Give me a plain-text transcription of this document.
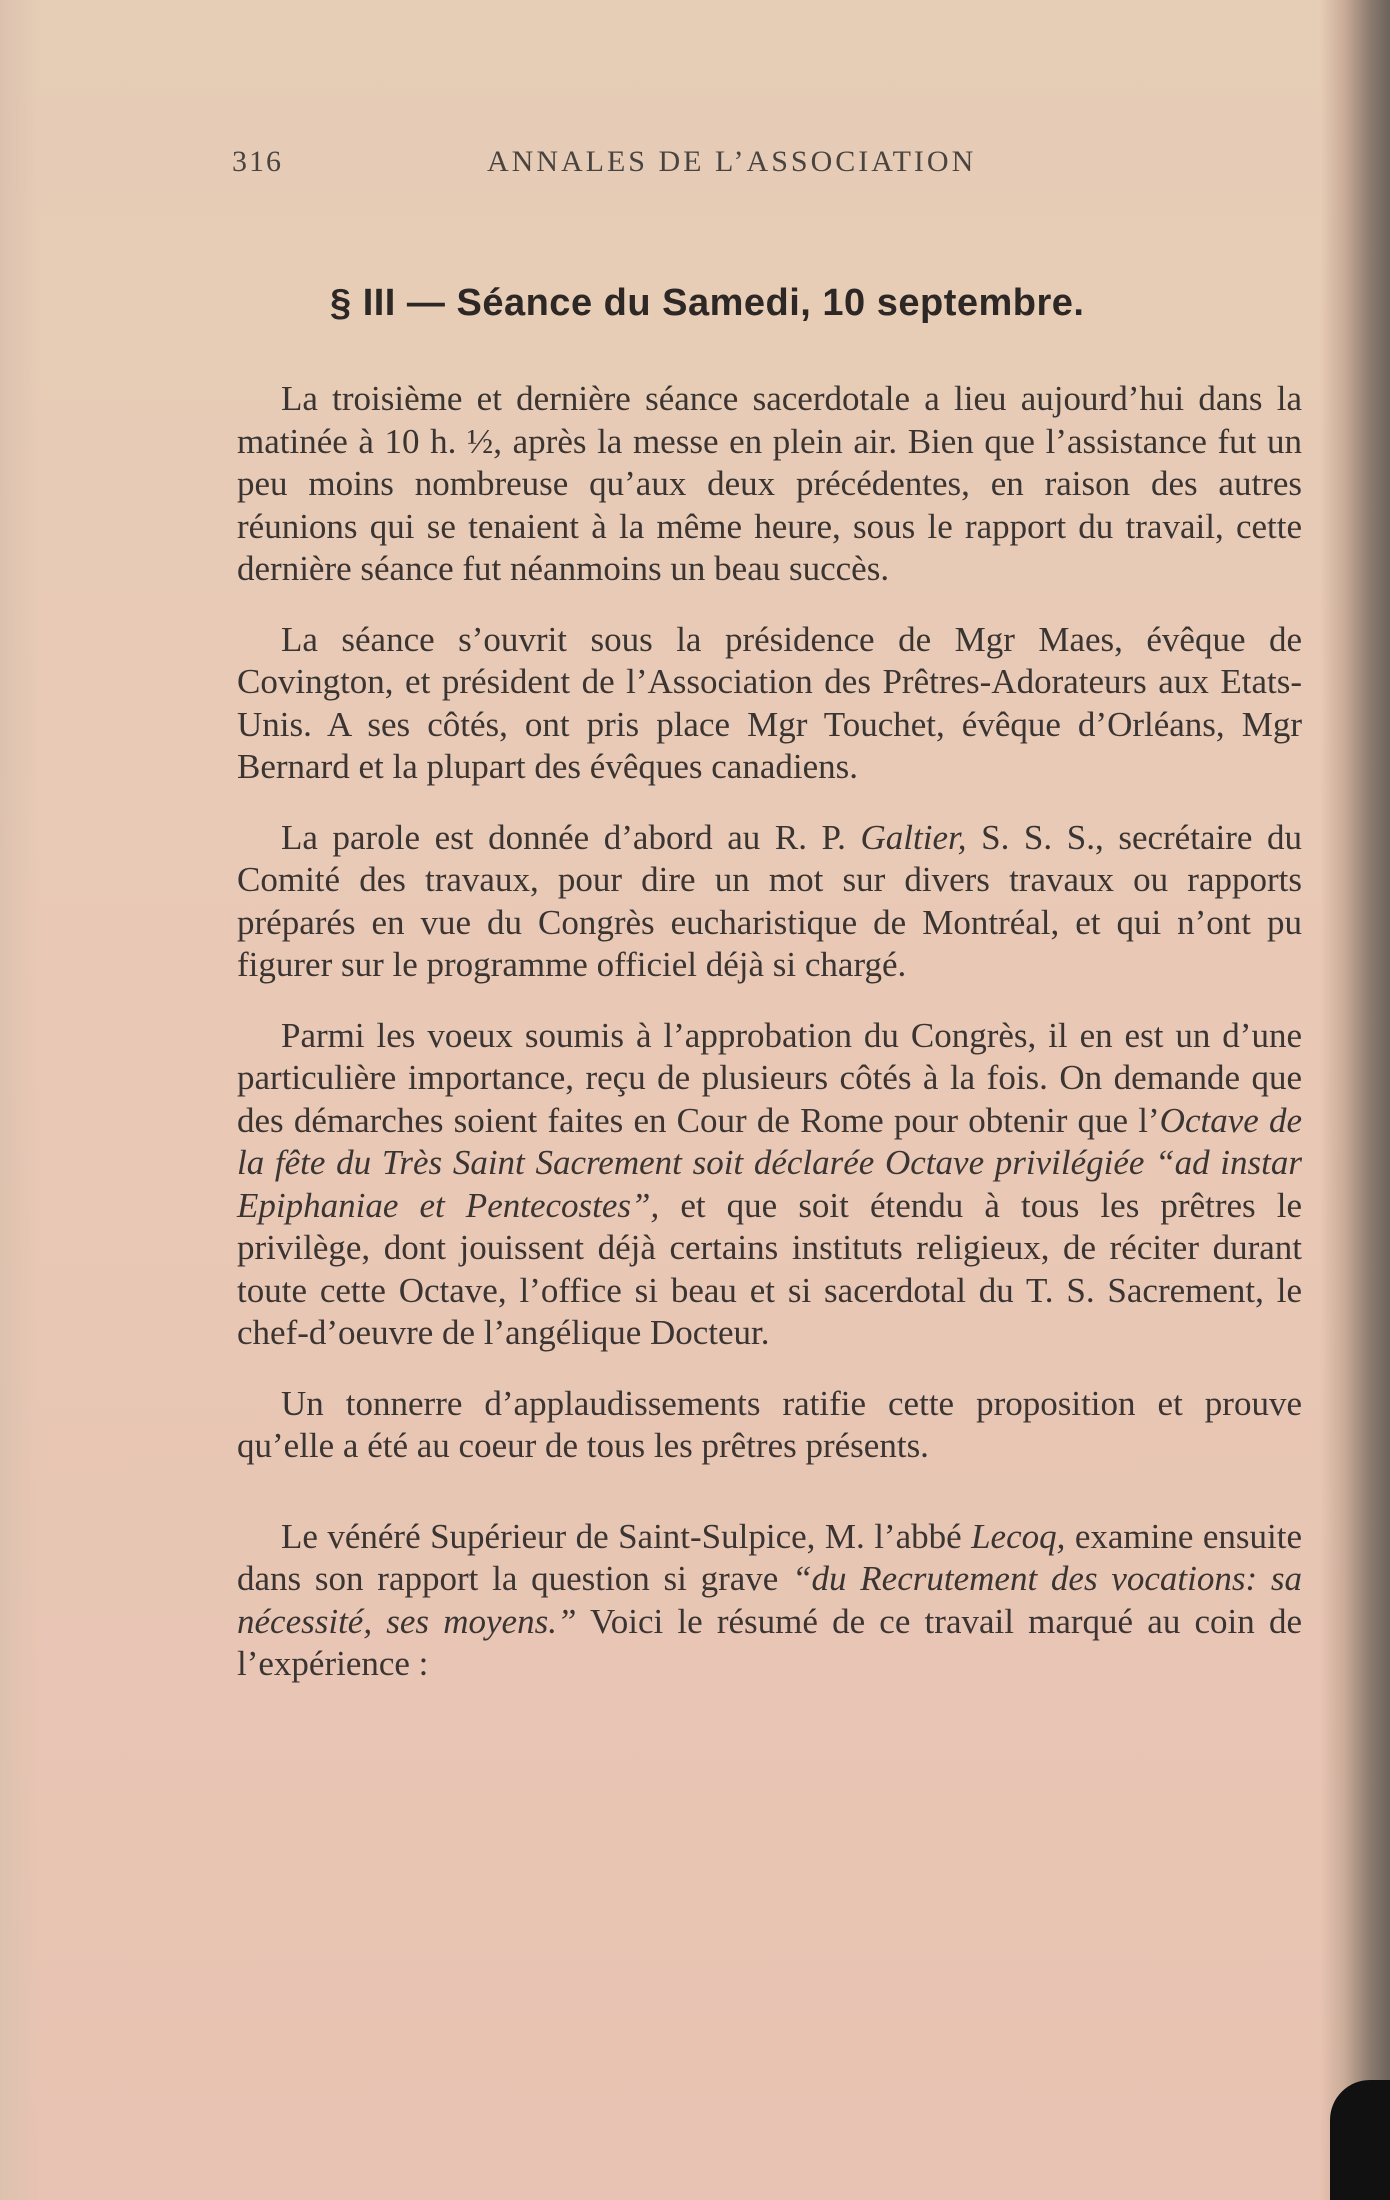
316	ANNALES DE L’ASSOCIATION
§ III — Séance du Samedi, 10 septembre.

La troisième et dernière séance sacerdotale a lieu aujourd’hui dans la matinée à 10 h. ½, après la messe en plein air. Bien que l’assistance fut un peu moins nombreuse qu’aux deux précédentes, en raison des autres réunions qui se tenaient à la même heure, sous le rapport du travail, cette dernière séance fut néanmoins un beau succès.

La séance s’ouvrit sous la présidence de Mgr Maes, évêque de Covington, et président de l’Association des Prêtres-Adorateurs aux Etats-Unis. A ses côtés, ont pris place Mgr Touchet, évêque d’Orléans, Mgr Bernard et la plupart des évêques canadiens.

La parole est donnée d’abord au R. P. Galtier, S. S. S., secrétaire du Comité des travaux, pour dire un mot sur divers travaux ou rapports préparés en vue du Congrès eucharistique de Montréal, et qui n’ont pu figurer sur le programme officiel déjà si chargé.

Parmi les voeux soumis à l’approbation du Congrès, il en est un d’une particulière importance, reçu de plusieurs côtés à la fois. On demande que des démarches soient faites en Cour de Rome pour obtenir que l’Octave de la fête du Très Saint Sacrement soit déclarée Octave privilégiée “ad instar Epiphaniae et Pentecostes”, et que soit étendu à tous les prêtres le privilège, dont jouissent déjà certains instituts religieux, de réciter durant toute cette Octave, l’office si beau et si sacerdotal du T. S. Sacrement, le chef-d’oeuvre de l’angélique Docteur.

Un tonnerre d’applaudissements ratifie cette proposition et prouve qu’elle a été au coeur de tous les prêtres présents.

Le vénéré Supérieur de Saint-Sulpice, M. l’abbé Lecoq, examine ensuite dans son rapport la question si grave “du Recrutement des vocations: sa nécessité, ses moyens.” Voici le résumé de ce travail marqué au coin de l’expérience :
